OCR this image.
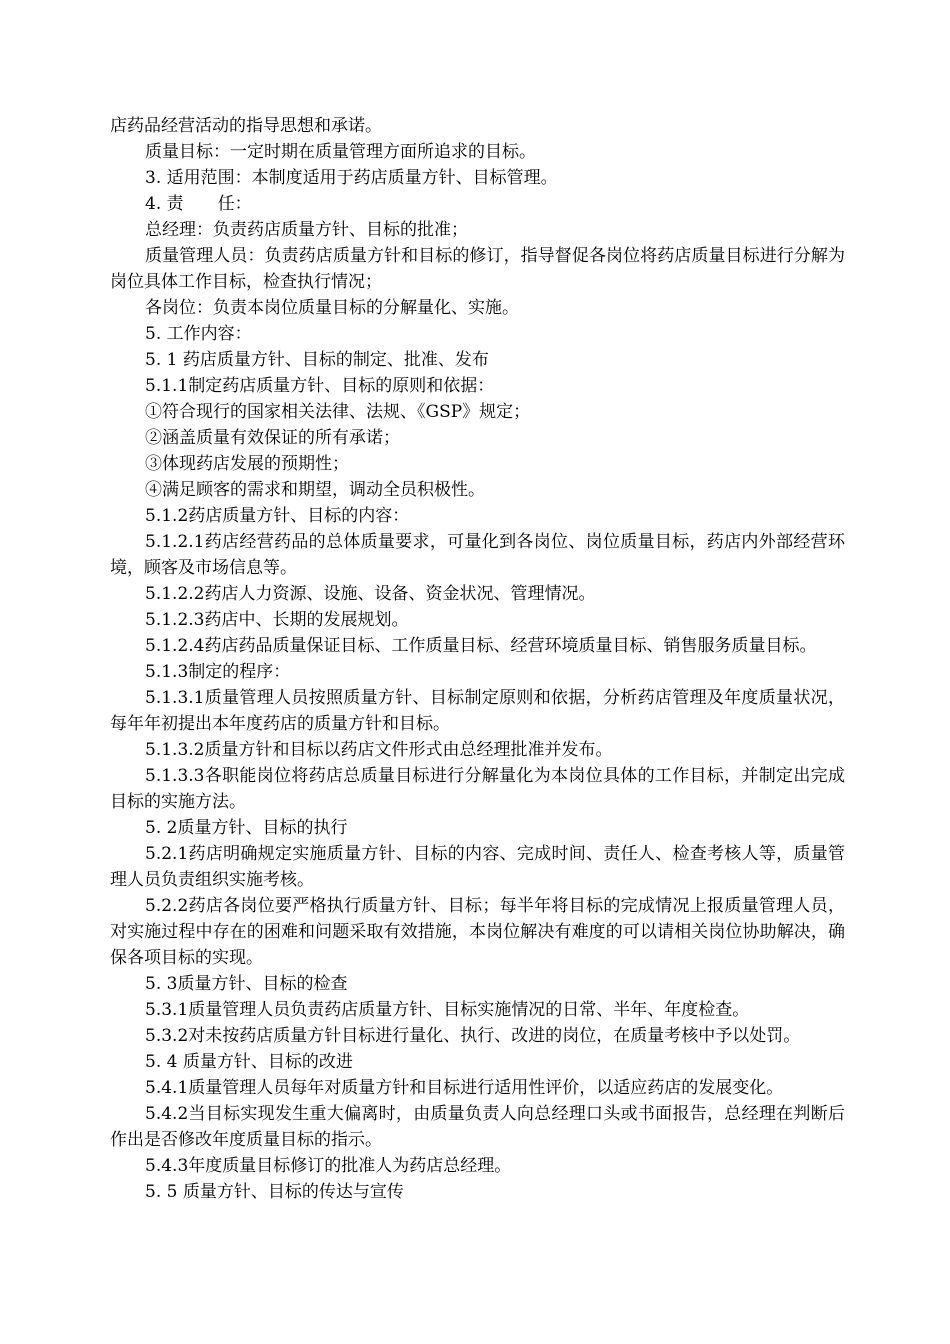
店药品经营活动的指导思想和承诺。

质量目标：一定时期在质量管理方面所追求的目标。

3. 适用范围：本制度适用于药店质量方针、目标管理。

4. 责　　任：

总经理：负责药店质量方针、目标的批准；

质量管理人员：负责药店质量方针和目标的修订，指导督促各岗位将药店质量目标进行分解为岗位具体工作目标，检查执行情况；

各岗位：负责本岗位质量目标的分解量化、实施。

5. 工作内容：

5. 1 药店质量方针、目标的制定、批准、发布

5.1.1制定药店质量方针、目标的原则和依据：

①符合现行的国家相关法律、法规、《GSP》规定；

②涵盖质量有效保证的所有承诺；

③体现药店发展的预期性；

④满足顾客的需求和期望，调动全员积极性。

5.1.2药店质量方针、目标的内容：

5.1.2.1药店经营药品的总体质量要求，可量化到各岗位、岗位质量目标，药店内外部经营环境，顾客及市场信息等。

5.1.2.2药店人力资源、设施、设备、资金状况、管理情况。

5.1.2.3药店中、长期的发展规划。

5.1.2.4药店药品质量保证目标、工作质量目标、经营环境质量目标、销售服务质量目标。

5.1.3制定的程序：

5.1.3.1质量管理人员按照质量方针、目标制定原则和依据，分析药店管理及年度质量状况，每年年初提出本年度药店的质量方针和目标。

5.1.3.2质量方针和目标以药店文件形式由总经理批准并发布。

5.1.3.3各职能岗位将药店总质量目标进行分解量化为本岗位具体的工作目标，并制定出完成目标的实施方法。

5. 2质量方针、目标的执行

5.2.1药店明确规定实施质量方针、目标的内容、完成时间、责任人、检查考核人等，质量管理人员负责组织实施考核。

5.2.2药店各岗位要严格执行质量方针、目标；每半年将目标的完成情况上报质量管理人员，对实施过程中存在的困难和问题采取有效措施，本岗位解决有难度的可以请相关岗位协助解决，确保各项目标的实现。

5. 3质量方针、目标的检查

5.3.1质量管理人员负责药店质量方针、目标实施情况的日常、半年、年度检查。

5.3.2对未按药店质量方针目标进行量化、执行、改进的岗位，在质量考核中予以处罚。

5. 4 质量方针、目标的改进

5.4.1质量管理人员每年对质量方针和目标进行适用性评价，以适应药店的发展变化。

5.4.2当目标实现发生重大偏离时，由质量负责人向总经理口头或书面报告，总经理在判断后作出是否修改年度质量目标的指示。

5.4.3年度质量目标修订的批准人为药店总经理。

5. 5 质量方针、目标的传达与宣传
